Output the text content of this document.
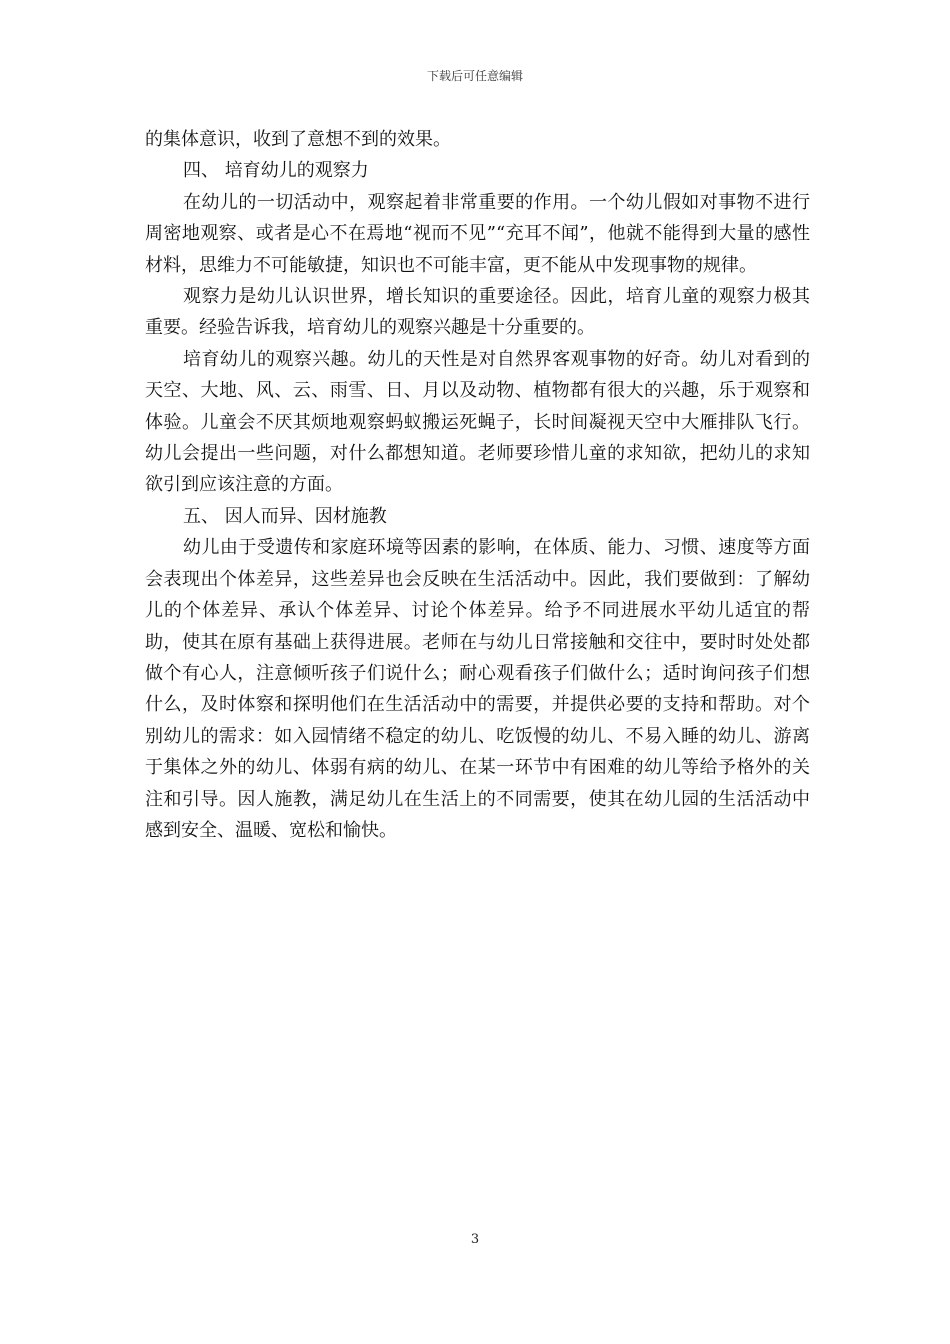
下载后可任意编辑

的集体意识，收到了意想不到的效果。

四、 培育幼儿的观察力

在幼儿的一切活动中，观察起着非常重要的作用。一个幼儿假如对事物不进行周密地观察、或者是心不在焉地“视而不见”“充耳不闻”，他就不能得到大量的感性材料，思维力不可能敏捷，知识也不可能丰富，更不能从中发现事物的规律。

观察力是幼儿认识世界，增长知识的重要途径。因此，培育儿童的观察力极其重要。经验告诉我，培育幼儿的观察兴趣是十分重要的。

培育幼儿的观察兴趣。幼儿的天性是对自然界客观事物的好奇。幼儿对看到的天空、大地、风、云、雨雪、日、月以及动物、植物都有很大的兴趣，乐于观察和体验。儿童会不厌其烦地观察蚂蚁搬运死蝇子，长时间凝视天空中大雁排队飞行。幼儿会提出一些问题，对什么都想知道。老师要珍惜儿童的求知欲，把幼儿的求知欲引到应该注意的方面。

五、 因人而异、因材施教

幼儿由于受遗传和家庭环境等因素的影响，在体质、能力、习惯、速度等方面会表现出个体差异，这些差异也会反映在生活活动中。因此，我们要做到：了解幼儿的个体差异、承认个体差异、讨论个体差异。给予不同进展水平幼儿适宜的帮助，使其在原有基础上获得进展。老师在与幼儿日常接触和交往中，要时时处处都做个有心人，注意倾听孩子们说什么；耐心观看孩子们做什么；适时询问孩子们想什么，及时体察和探明他们在生活活动中的需要，并提供必要的支持和帮助。对个别幼儿的需求：如入园情绪不稳定的幼儿、吃饭慢的幼儿、不易入睡的幼儿、游离于集体之外的幼儿、体弱有病的幼儿、在某一环节中有困难的幼儿等给予格外的关注和引导。因人施教，满足幼儿在生活上的不同需要，使其在幼儿园的生活活动中感到安全、温暖、宽松和愉快。

3
